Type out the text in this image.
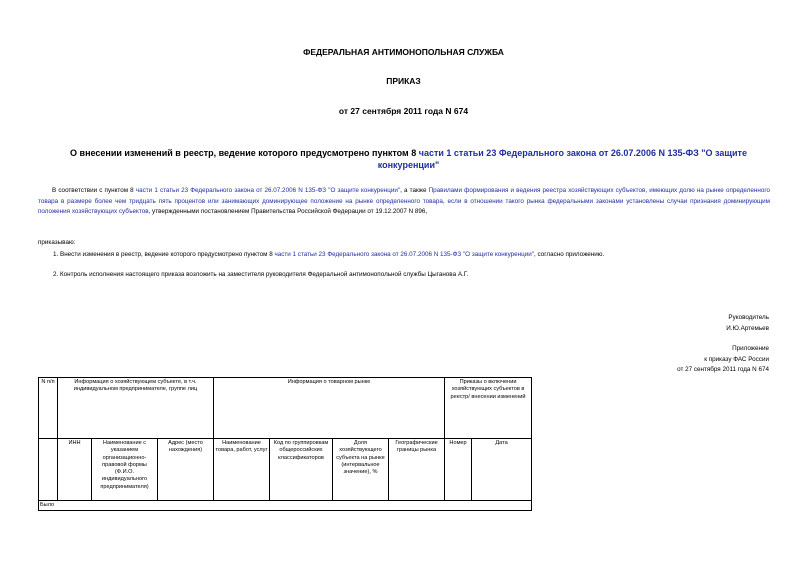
ФЕДЕРАЛЬНАЯ АНТИМОНОПОЛЬНАЯ СЛУЖБА
ПРИКАЗ
от 27 сентября 2011 года N 674
О внесении изменений в реестр, ведение которого предусмотрено пунктом 8 части 1 статьи 23 Федерального закона от 26.07.2006 N 135-ФЗ "О защите конкуренции"
В соответствии с пунктом 8 части 1 статьи 23 Федерального закона от 26.07.2006 N 135-ФЗ "О защите конкуренции", а также Правилами формирования и ведения реестра хозяйствующих субъектов, имеющих долю на рынке определенного товара в размере более чем тридцать пять процентов или занимающих доминирующее положение на рынке определенного товара, если в отношении такого рынка федеральными законами установлены случаи признания доминирующим положения хозяйствующих субъектов, утвержденными постановлением Правительства Российской Федерации от 19.12.2007 N 896,
приказываю:
1. Внести изменения в реестр, ведение которого предусмотрено пунктом 8 части 1 статьи 23 Федерального закона от 26.07.2006 N 135-ФЗ "О защите конкуренции", согласно приложению.
2. Контроль исполнения настоящего приказа возложить на заместителя руководителя Федеральной антимонопольной службы Цыганова А.Г.
Руководитель
И.Ю.Артемьев
Приложение
к приказу ФАС России
от 27 сентября 2011 года N 674
N п/п	Информация о хозяйствующем субъекте, в т.ч. индивидуальном предпринимателе, группе лиц			Информация о товарном рынке				Приказы о включении хозяйствующих субъектов в реестр/ внесении изменений	
	ИНН	Наименование с указанием организационно-правовой формы (Ф.И.О. индивидуального предпринимателя)	Адрес (место нахождения)	Наименование товара, работ, услуг	Код по группировкам общероссийских классификаторов	Доля хозяйствующего субъекта на рынке (интервальное значение), %	Географические границы рынка	Номер	Дата
Было									
